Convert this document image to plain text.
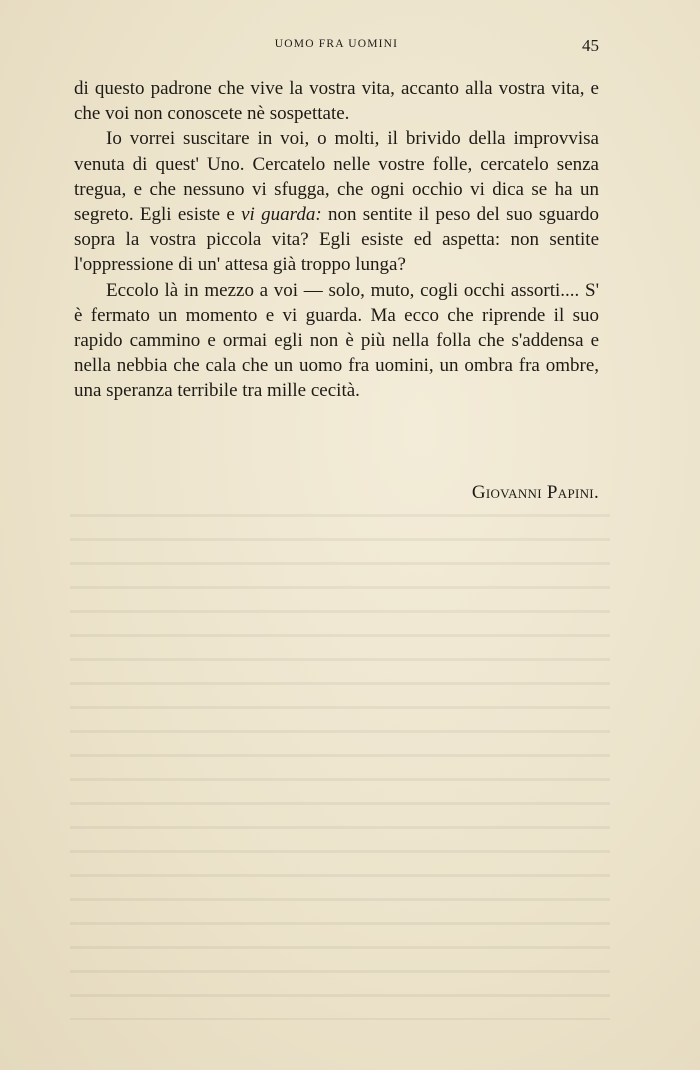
UOMO FRA UOMINI	45

di questo padrone che vive la vostra vita, accanto alla vostra vita, e che voi non conoscete nè sospettate.

Io vorrei suscitare in voi, o molti, il brivido della improvvisa venuta di quest' Uno. Cercatelo nelle vostre folle, cercatelo senza tregua, e che nessuno vi sfugga, che ogni occhio vi dica se ha un segreto. Egli esiste e vi guarda: non sentite il peso del suo sguardo sopra la vostra piccola vita? Egli esiste ed aspetta: non sentite l'oppressione di un' attesa già troppo lunga?

Eccolo là in mezzo a voi — solo, muto, cogli occhi assorti.... S' è fermato un momento e vi guarda. Ma ecco che riprende il suo rapido cammino e ormai egli non è più nella folla che s'addensa e nella nebbia che cala che un uomo fra uomini, un ombra fra ombre, una speranza terribile tra mille cecità.

Giovanni Papini.
